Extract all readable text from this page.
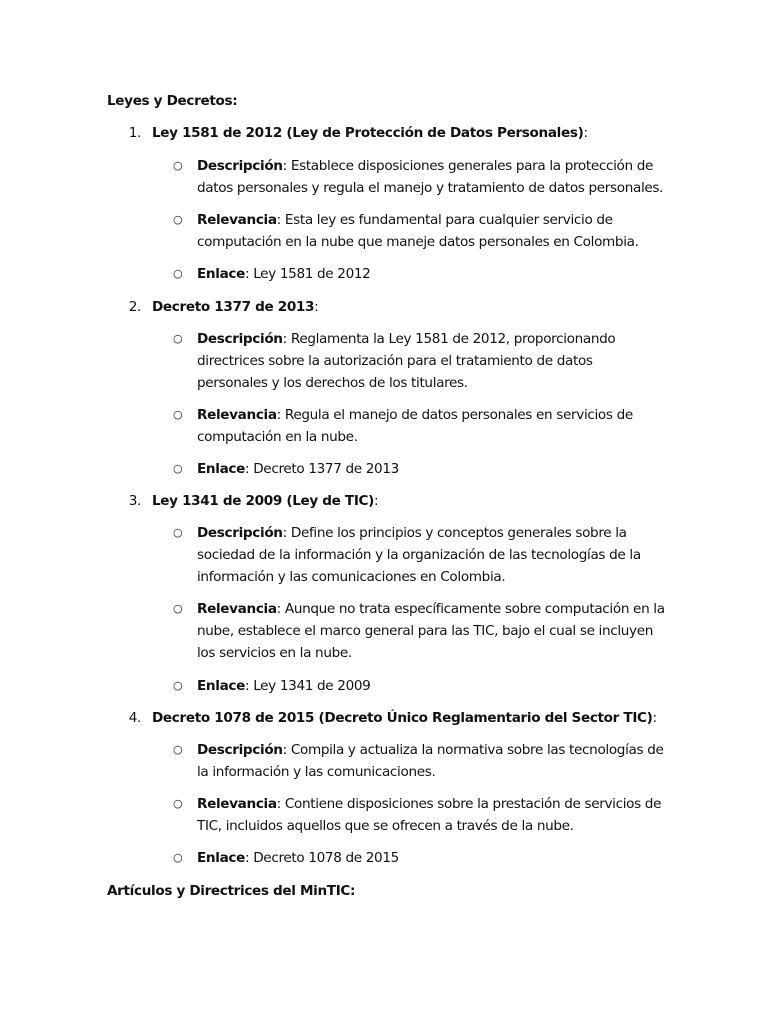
Leyes y Decretos:
1. Ley 1581 de 2012 (Ley de Protección de Datos Personales):
○ Descripción: Establece disposiciones generales para la protección de datos personales y regula el manejo y tratamiento de datos personales.
○ Relevancia: Esta ley es fundamental para cualquier servicio de computación en la nube que maneje datos personales en Colombia.
○ Enlace: Ley 1581 de 2012
2. Decreto 1377 de 2013:
○ Descripción: Reglamenta la Ley 1581 de 2012, proporcionando directrices sobre la autorización para el tratamiento de datos personales y los derechos de los titulares.
○ Relevancia: Regula el manejo de datos personales en servicios de computación en la nube.
○ Enlace: Decreto 1377 de 2013
3. Ley 1341 de 2009 (Ley de TIC):
○ Descripción: Define los principios y conceptos generales sobre la sociedad de la información y la organización de las tecnologías de la información y las comunicaciones en Colombia.
○ Relevancia: Aunque no trata específicamente sobre computación en la nube, establece el marco general para las TIC, bajo el cual se incluyen los servicios en la nube.
○ Enlace: Ley 1341 de 2009
4. Decreto 1078 de 2015 (Decreto Único Reglamentario del Sector TIC):
○ Descripción: Compila y actualiza la normativa sobre las tecnologías de la información y las comunicaciones.
○ Relevancia: Contiene disposiciones sobre la prestación de servicios de TIC, incluidos aquellos que se ofrecen a través de la nube.
○ Enlace: Decreto 1078 de 2015
Artículos y Directrices del MinTIC:
